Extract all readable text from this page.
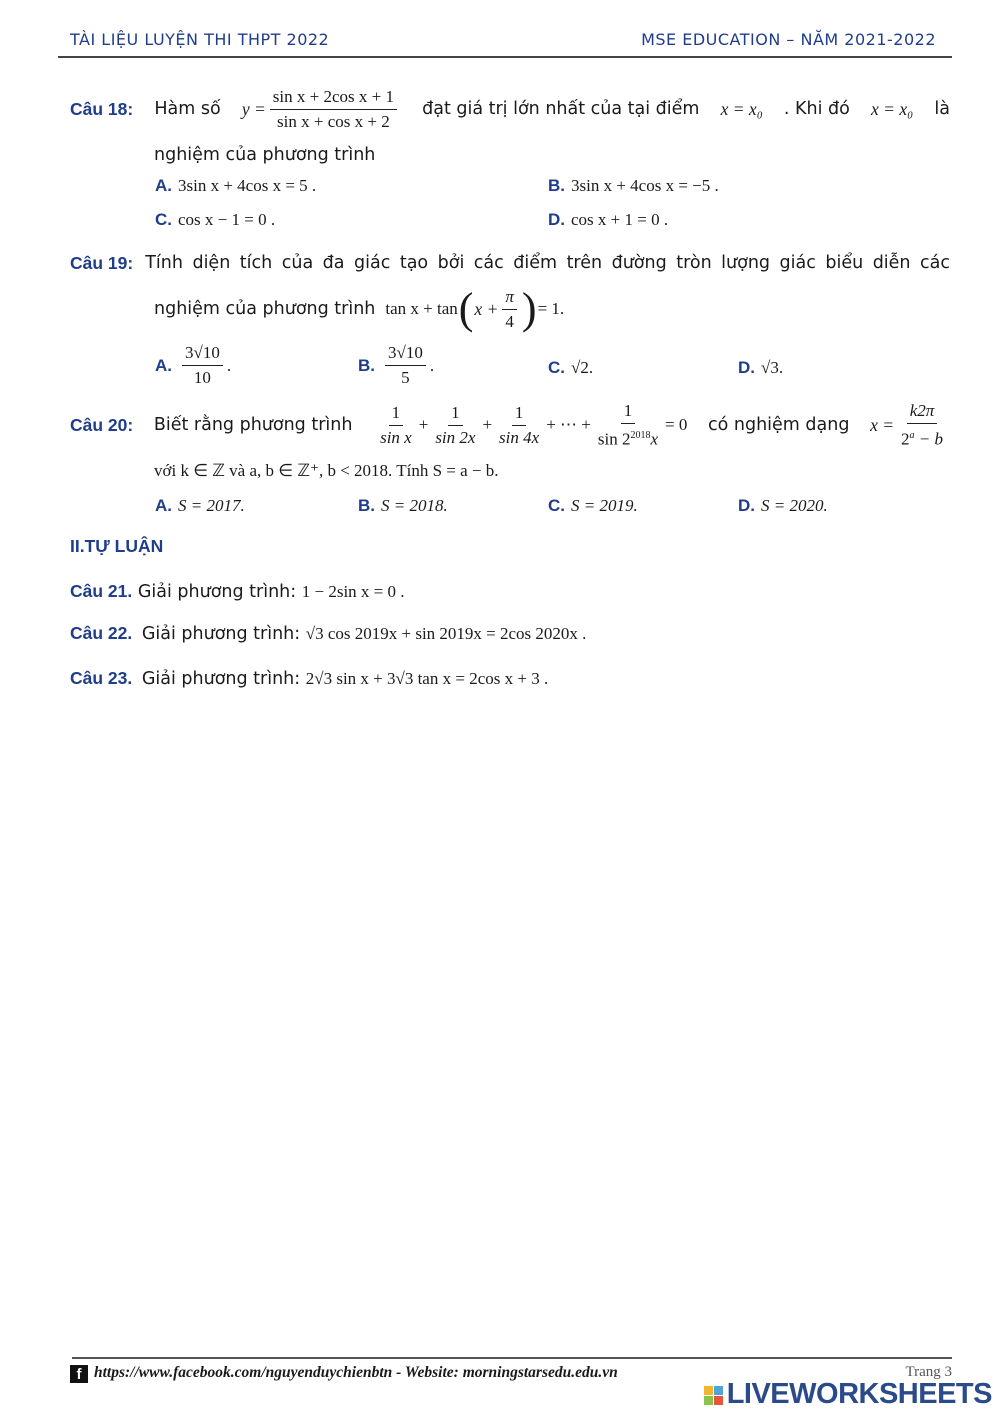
TÀI LIỆU LUYỆN THI THPT 2022	MSE EDUCATION – NĂM 2021-2022
Câu 18: Hàm số $y = \frac{\text{sin x + 2cos x + 1}}{\text{sin x + cos x + 2}}$ đạt giá trị lớn nhất của tại điểm x = x₀ . Khi đó x = x₀ là
nghiệm của phương trình
A. 3sin x + 4cos x = 5 .	B. 3sin x + 4cos x = −5 .
C. cos x − 1 = 0 .	D. cos x + 1 = 0 .
Câu 19: Tính diện tích của đa giác tạo bởi các điểm trên đường tròn lượng giác biểu diễn các
nghiệm của phương trình tan x + tan ( $x + \frac{\pi}{4}$ ) = 1.
A. $\frac{3√10}{10}$ .	B. $\frac{3√10}{5}$ .	C. √2.	D. √3.
Câu 20: Biết rằng phương trình $\frac{1}{\text{sin x}} + \frac{1}{\sin 2x} + \frac{1}{\sin 4x}$ + ⋯ + $\frac{1}{\sin 2^{2018}x} = 0$ có nghiệm dạng $x = \frac{k2\pi}{2^a - b}$
với k ∈ ℤ và a, b ∈ ℤ⁺, b < 2018. Tính S = a − b.
A. S = 2017.	B. S = 2018.	C. S = 2019.	D. S = 2020.
II.TỰ LUẬN
Câu 21. Giải phương trình: 1 − 2sin x = 0 .
Câu 22. Giải phương trình: √3 cos 2019x + sin 2019x = 2cos 2020x .
Câu 23. Giải phương trình: 2√3 sin x + 3√3 tan x = 2cos x + 3 .
f https://www.facebook.com/nguyenduychienbtn - Website: morningstarsedu.edu.vn	Trang 3
LIVEWORKSHEETS
